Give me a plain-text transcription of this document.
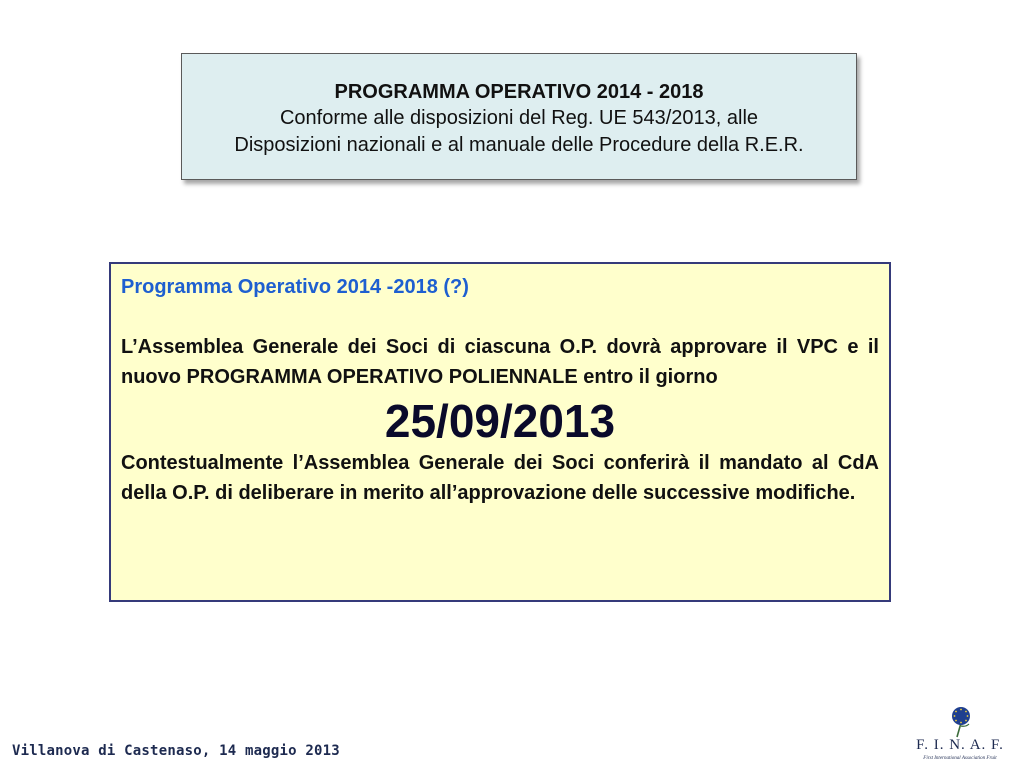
PROGRAMMA OPERATIVO 2014 - 2018
Conforme alle disposizioni del Reg. UE 543/2013, alle
Disposizioni nazionali e al manuale delle Procedure della R.E.R.

Programma Operativo 2014 -2018 (?)

L’Assemblea Generale dei Soci di ciascuna O.P. dovrà approvare il VPC e il nuovo PROGRAMMA OPERATIVO POLIENNALE entro il giorno

25/09/2013

Contestualmente l’Assemblea Generale dei Soci conferirà il mandato al CdA della O.P. di deliberare in merito all’approvazione delle successive modifiche.

Villanova di Castenaso, 14 maggio 2013	F. I. N. A. F.
First International Association Fruit
